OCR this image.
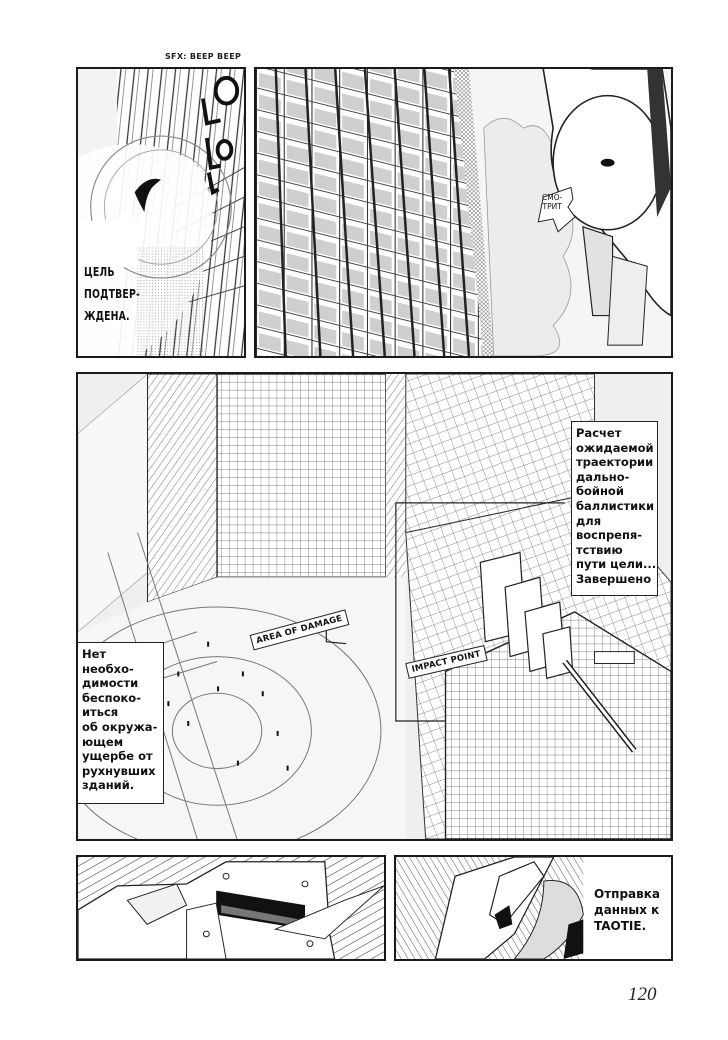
SFX: BEEP BEEP
ЦЕЛЬ
ПОДТВЕР-
ЖДЕНА.
СМО-
ТРИТ
Расчет
ожидаемой
траектории
дально-
бойной
баллистики
для
воспрепя-
тствию
пути цели...
Завершено
Нет
необхо-
димости
беспоко-
иться
об окружа-
ющем
ущербе от
рухнувших
зданий.
AREA OF DAMAGE
IMPACT POINT
Отправка
данных к
TAOTIE.
120
